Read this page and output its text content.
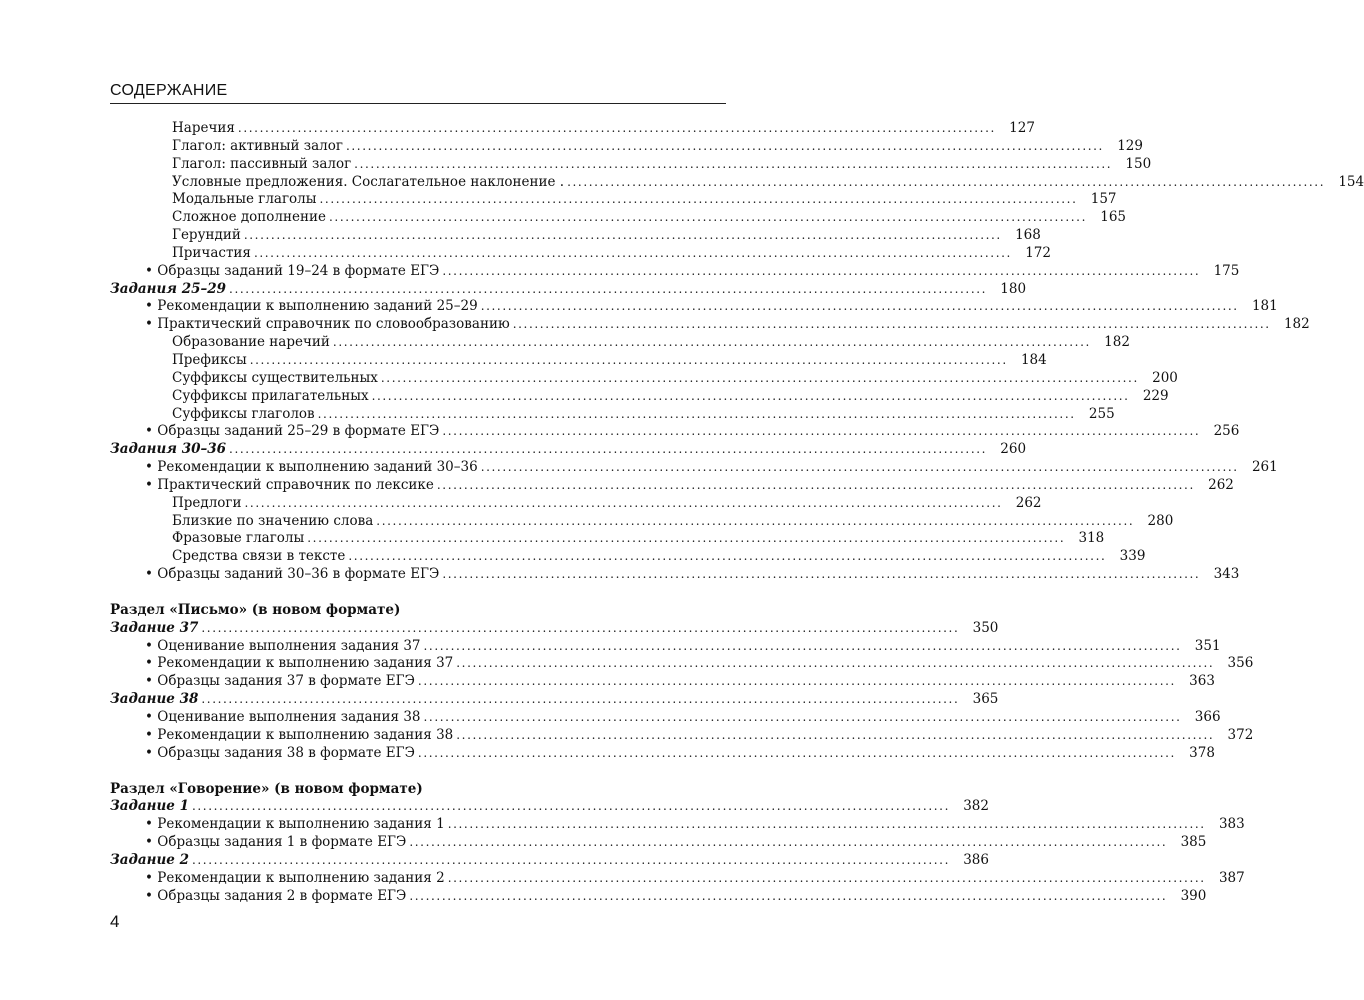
СОДЕРЖАНИЕ
Наречия ............................................................................................................................................ 127
Глагол: активный залог ............................................................................................................................................ 129
Глагол: пассивный залог ............................................................................................................................................ 150
Условные предложения. Сослагательное наклонение . ............................................................................................................................................ 154
Модальные глаголы ............................................................................................................................................ 157
Сложное дополнение ............................................................................................................................................ 165
Герундий ............................................................................................................................................ 168
Причастия ............................................................................................................................................ 172
• Образцы заданий 19–24 в формате ЕГЭ ............................................................................................................................................ 175
Задания 25–29 ............................................................................................................................................ 180
• Рекомендации к выполнению заданий 25–29 ............................................................................................................................................ 181
• Практический справочник по словообразованию ............................................................................................................................................ 182
Образование наречий ............................................................................................................................................ 182
Префиксы ............................................................................................................................................ 184
Суффиксы существительных ............................................................................................................................................ 200
Суффиксы прилагательных ............................................................................................................................................ 229
Суффиксы глаголов ............................................................................................................................................ 255
• Образцы заданий 25–29 в формате ЕГЭ ............................................................................................................................................ 256
Задания 30–36 ............................................................................................................................................ 260
• Рекомендации к выполнению заданий 30–36 ............................................................................................................................................ 261
• Практический справочник по лексике ............................................................................................................................................ 262
Предлоги ............................................................................................................................................ 262
Близкие по значению слова ............................................................................................................................................ 280
Фразовые глаголы ............................................................................................................................................ 318
Средства связи в тексте ............................................................................................................................................ 339
• Образцы заданий 30–36 в формате ЕГЭ ............................................................................................................................................ 343
Раздел «Письмо» (в новом формате)
Задание 37 ............................................................................................................................................ 350
• Оценивание выполнения задания 37 ............................................................................................................................................ 351
• Рекомендации к выполнению задания 37 ............................................................................................................................................ 356
• Образцы задания 37 в формате ЕГЭ ............................................................................................................................................ 363
Задание 38 ............................................................................................................................................ 365
• Оценивание выполнения задания 38 ............................................................................................................................................ 366
• Рекомендации к выполнению задания 38 ............................................................................................................................................ 372
• Образцы задания 38 в формате ЕГЭ ............................................................................................................................................ 378
Раздел «Говорение» (в новом формате)
Задание 1 ............................................................................................................................................ 382
• Рекомендации к выполнению задания 1 ............................................................................................................................................ 383
• Образцы задания 1 в формате ЕГЭ ............................................................................................................................................ 385
Задание 2 ............................................................................................................................................ 386
• Рекомендации к выполнению задания 2 ............................................................................................................................................ 387
• Образцы задания 2 в формате ЕГЭ ............................................................................................................................................ 390
4
